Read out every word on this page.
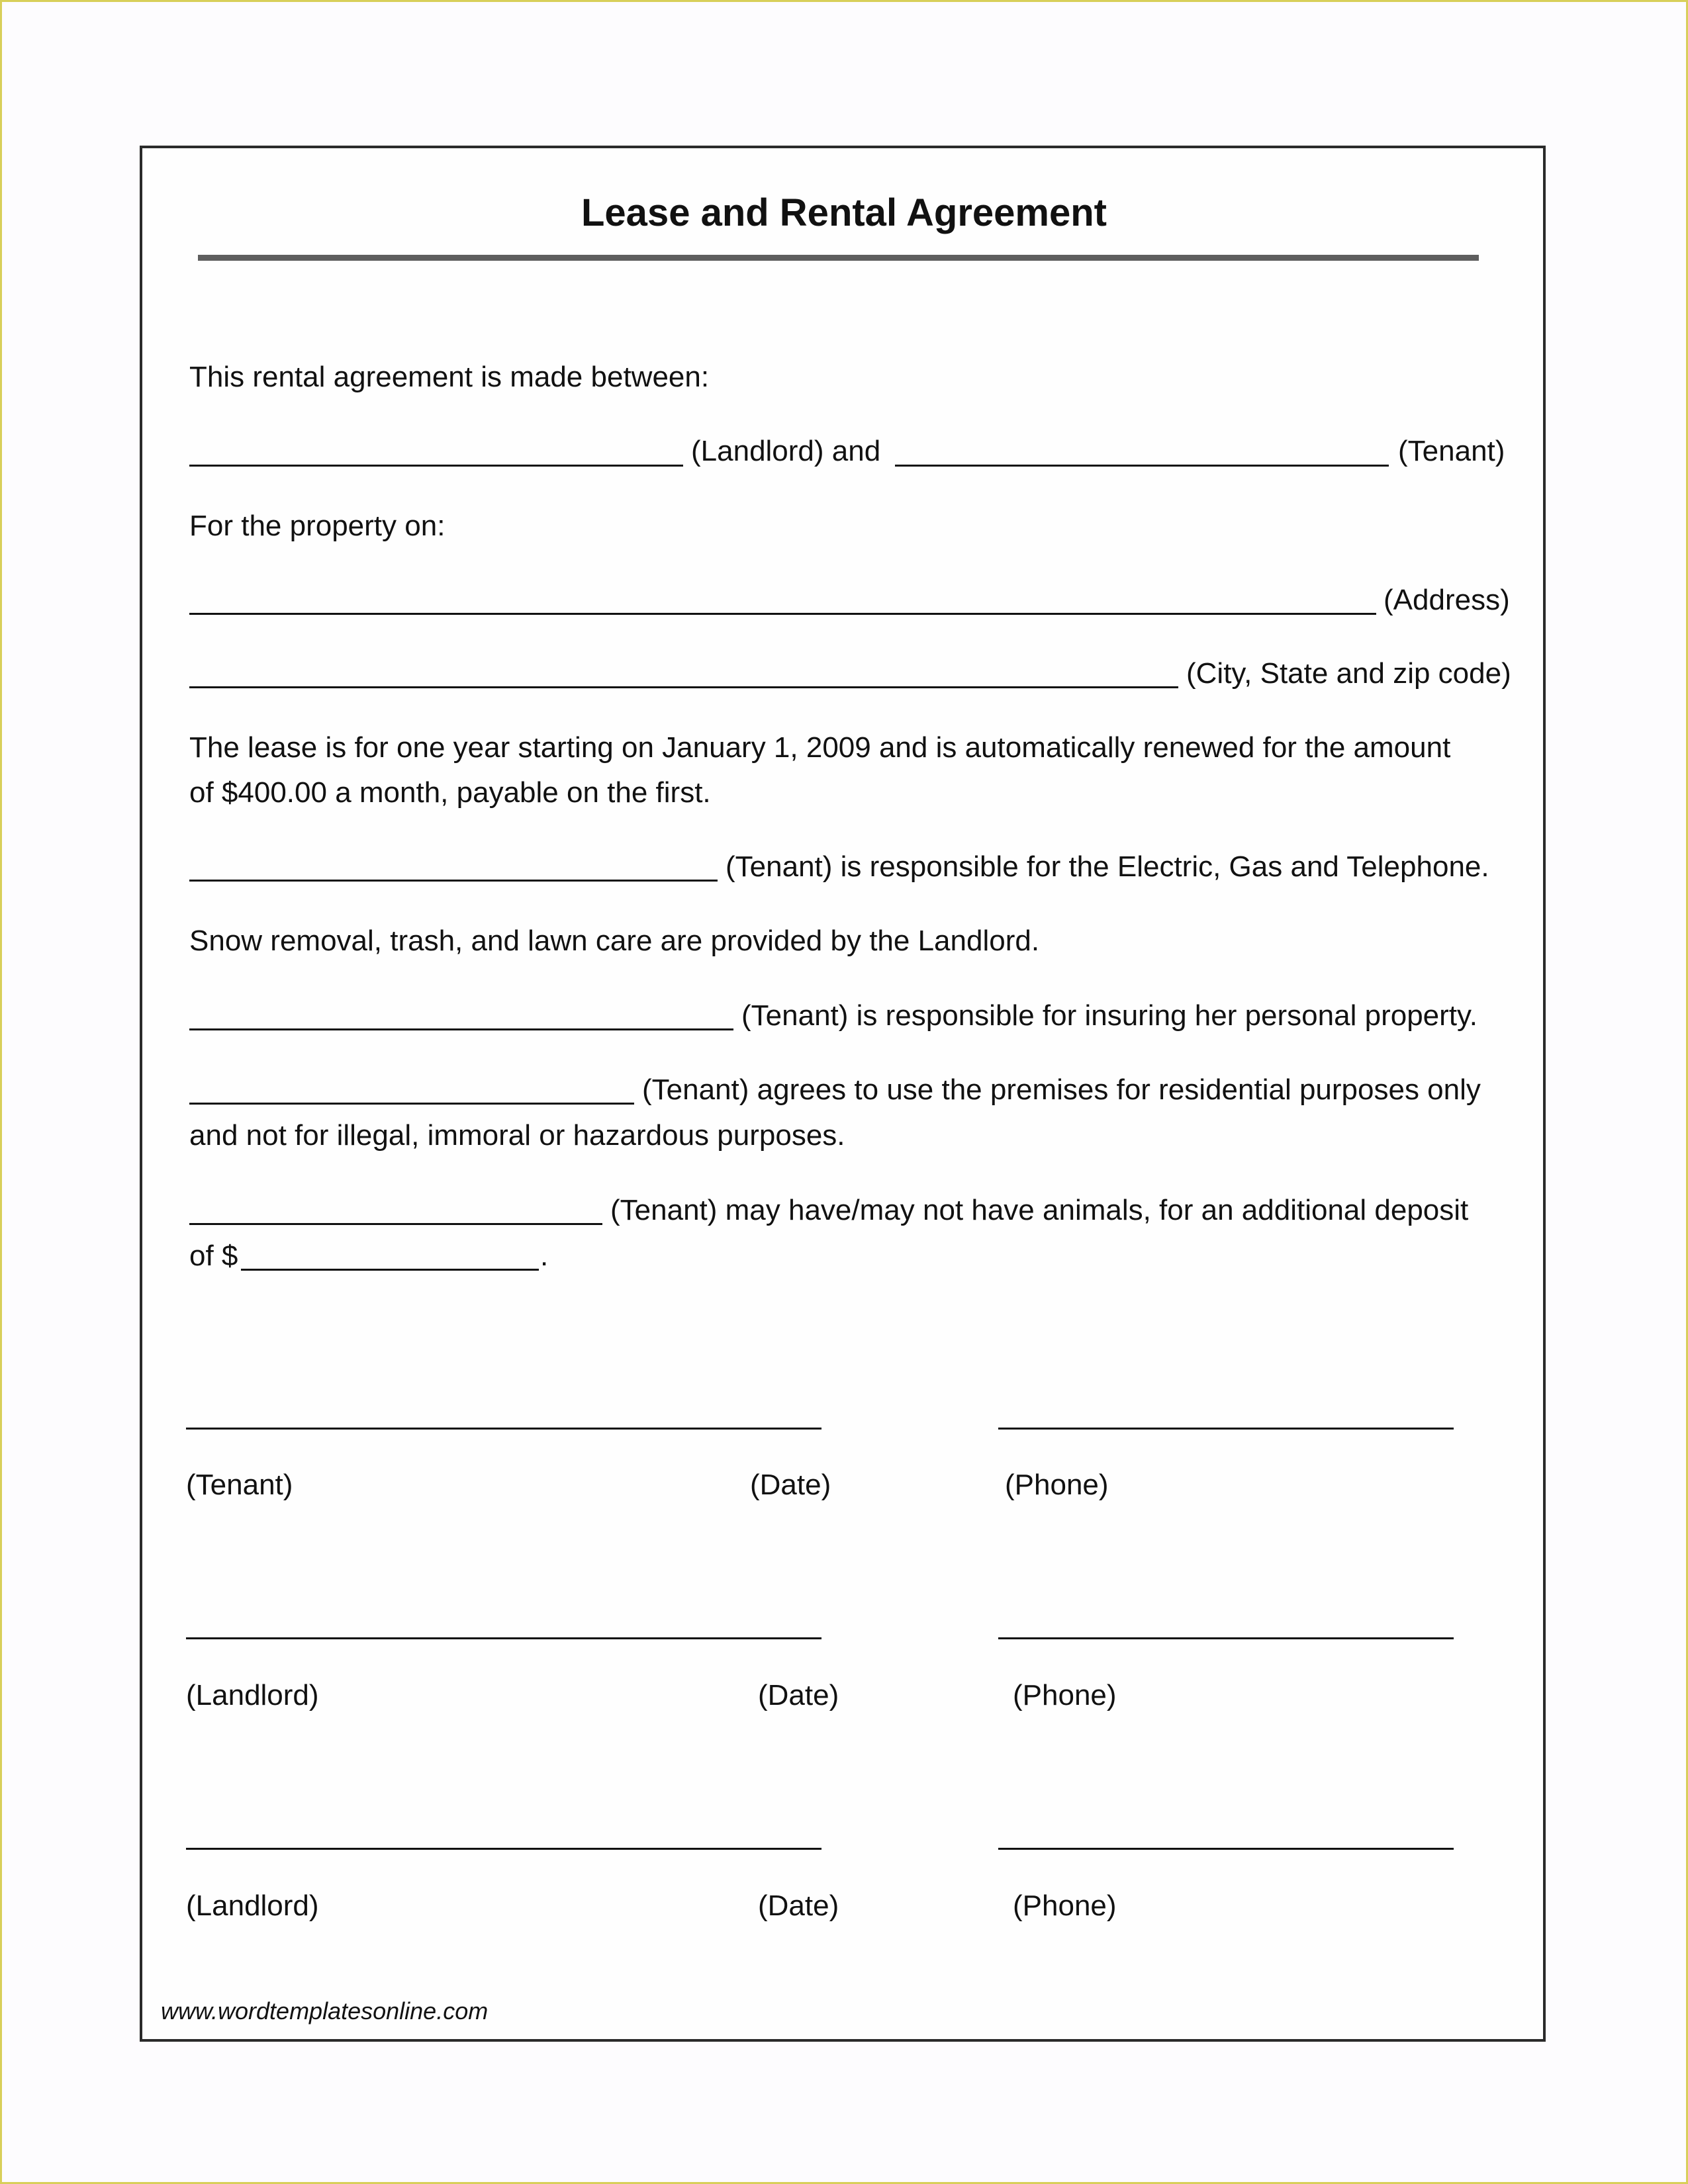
Lease and Rental Agreement
This rental agreement is made between:
(Landlord) and	(Tenant)
For the property on:
(Address)
(City, State and zip code)
The lease is for one year starting on January 1, 2009 and is automatically renewed for the amount
of $400.00 a month, payable on the first.
(Tenant) is responsible for the Electric, Gas and Telephone.
Snow removal, trash, and lawn care are provided by the Landlord.
(Tenant) is responsible for insuring her personal property.
(Tenant) agrees to use the premises for residential purposes only
and not for illegal, immoral or hazardous purposes.
(Tenant) may have/may not have animals, for an additional deposit
of $	.
(Tenant)	(Date)	(Phone)
(Landlord)	(Date)	(Phone)
(Landlord)	(Date)	(Phone)
www.wordtemplatesonline.com
